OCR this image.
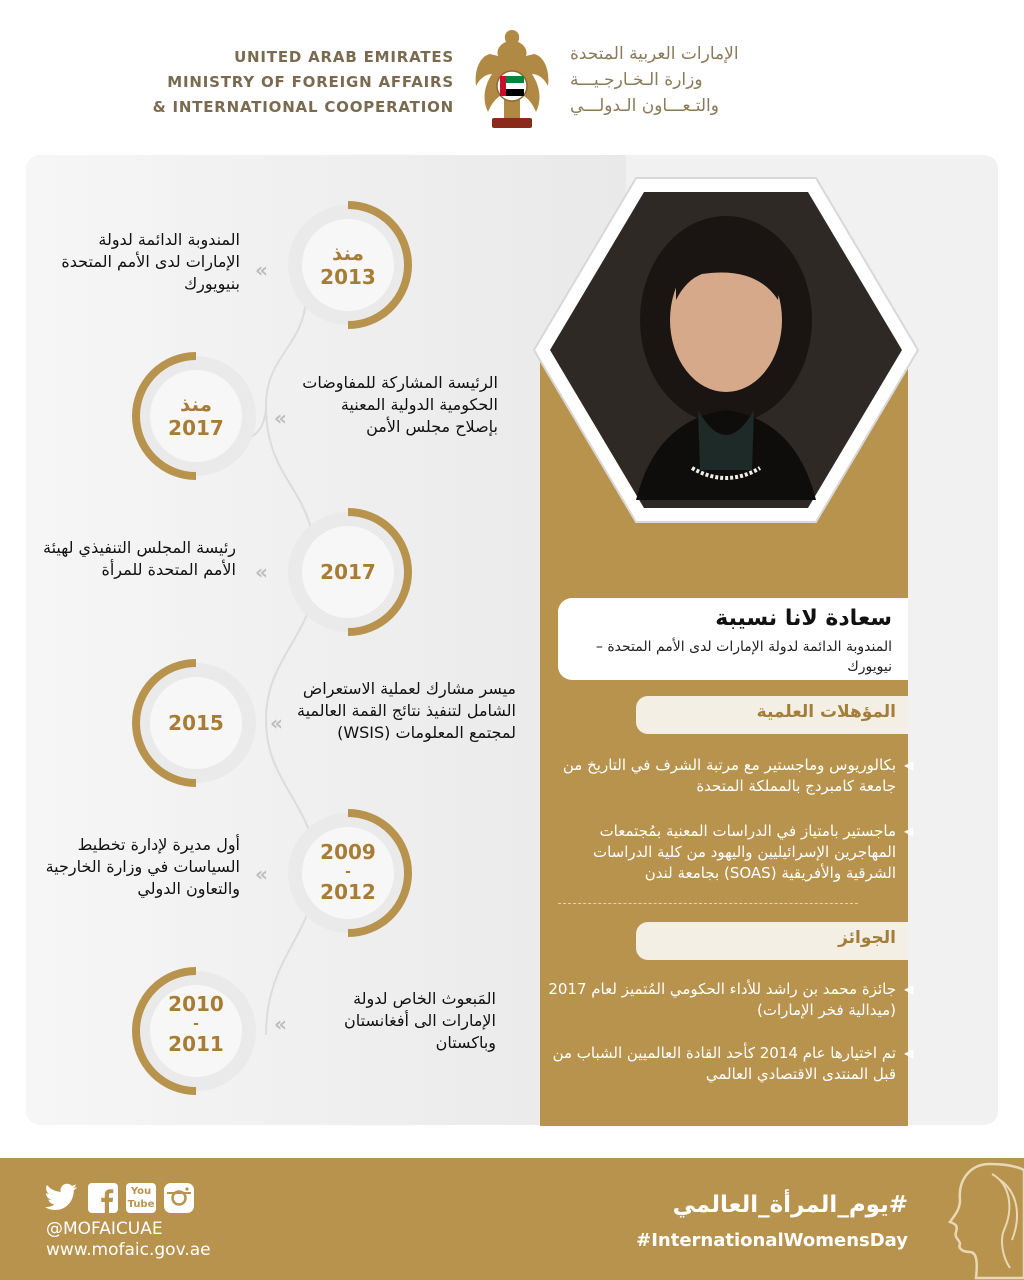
UNITED ARAB EMIRATES
MINISTRY OF FOREIGN AFFAIRS
& INTERNATIONAL COOPERATION
الإمارات العربية المتحدة
وزارة الـخـارجـيـــة
والتـعـــاون الـدولـــي
سعادة لانا نسيبة
المندوبة الدائمة لدولة الإمارات لدى الأمم المتحدة – نيويورك
المؤهلات العلمية
◀
بكالوريوس وماجستير مع مرتبة الشرف في التاريخ من جامعة كامبردج بالمملكة المتحدة
◀
ماجستير بامتياز في الدراسات المعنية بمُجتمعات المهاجرين الإسرائيليين واليهود من كلية الدراسات الشرقية والأفريقية (SOAS) بجامعة لندن
الجوائز
◀
جائزة محمد بن راشد للأداء الحكومي المُتميز لعام 2017 (ميدالية فخر الإمارات)
◀
تم اختيارها عام 2014 كأحد القادة العالميين الشباب من قبل المنتدى الاقتصادي العالمي
منذ
2013
منذ
2017
2017
2015
2009
-
2012
2010
-
2011
المندوبة الدائمة لدولة الإمارات لدى الأمم المتحدة بنيويورك
«
الرئيسة المشاركة للمفاوضات الحكومية الدولية المعنية بإصلاح مجلس الأمن
«
رئيسة المجلس التنفيذي لهيئة الأمم المتحدة للمرأة «
ميسر مشارك لعملية الاستعراض الشامل لتنفيذ نتائج القمة العالمية لمجتمع المعلومات (WSIS)
«
أول مديرة لإدارة تخطيط السياسات في وزارة الخارجية والتعاون الدولي
«
المَبعوث الخاص لدولة الإمارات الى أفغانستان وباكستان
«
You Tube
@MOFAICUAE
www.mofaic.gov.ae
#يوم_المرأة_العالمي
#InternationalWomensDay
